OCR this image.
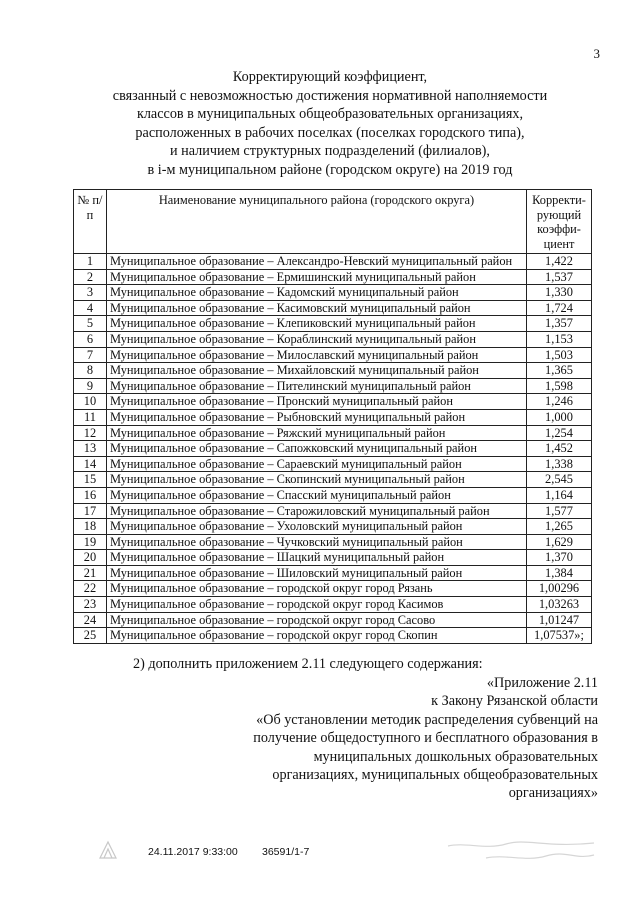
3
Корректирующий коэффициент,
связанный с невозможностью достижения нормативной наполняемости
классов в муниципальных общеобразовательных организациях,
расположенных в рабочих поселках (поселках городского типа),
и наличием структурных подразделений (филиалов),
в i-м муниципальном районе (городском округе) на 2019 год
№ п/п	Наименование муниципального района (городского округа)	Корректи-рующий коэффи-циент
1	Муниципальное образование – Александро-Невский муниципальный район	1,422
2	Муниципальное образование – Ермишинский муниципальный район	1,537
3	Муниципальное образование – Кадомский муниципальный район	1,330
4	Муниципальное образование – Касимовский муниципальный район	1,724
5	Муниципальное образование – Клепиковский муниципальный район	1,357
6	Муниципальное образование – Кораблинский муниципальный район	1,153
7	Муниципальное образование – Милославский муниципальный район	1,503
8	Муниципальное образование – Михайловский муниципальный район	1,365
9	Муниципальное образование – Пителинский муниципальный район	1,598
10	Муниципальное образование – Пронский муниципальный район	1,246
11	Муниципальное образование – Рыбновский муниципальный район	1,000
12	Муниципальное образование – Ряжский муниципальный район	1,254
13	Муниципальное образование – Сапожковский муниципальный район	1,452
14	Муниципальное образование – Сараевский муниципальный район	1,338
15	Муниципальное образование – Скопинский муниципальный район	2,545
16	Муниципальное образование – Спасский муниципальный район	1,164
17	Муниципальное образование – Старожиловский муниципальный район	1,577
18	Муниципальное образование – Ухоловский муниципальный район	1,265
19	Муниципальное образование – Чучковский муниципальный район	1,629
20	Муниципальное образование – Шацкий муниципальный район	1,370
21	Муниципальное образование – Шиловский муниципальный район	1,384
22	Муниципальное образование – городской округ город Рязань	1,00296
23	Муниципальное образование – городской округ город Касимов	1,03263
24	Муниципальное образование – городской округ город Сасово	1,01247
25	Муниципальное образование – городской округ город Скопин	1,07537»;
2) дополнить приложением 2.11 следующего содержания:
«Приложение 2.11
к Закону Рязанской области
«Об установлении методик распределения субвенций на
получение общедоступного и бесплатного образования в
муниципальных дошкольных образовательных
организациях, муниципальных общеобразовательных
организациях»
24.11.2017 9:33:00 36591/1-7
